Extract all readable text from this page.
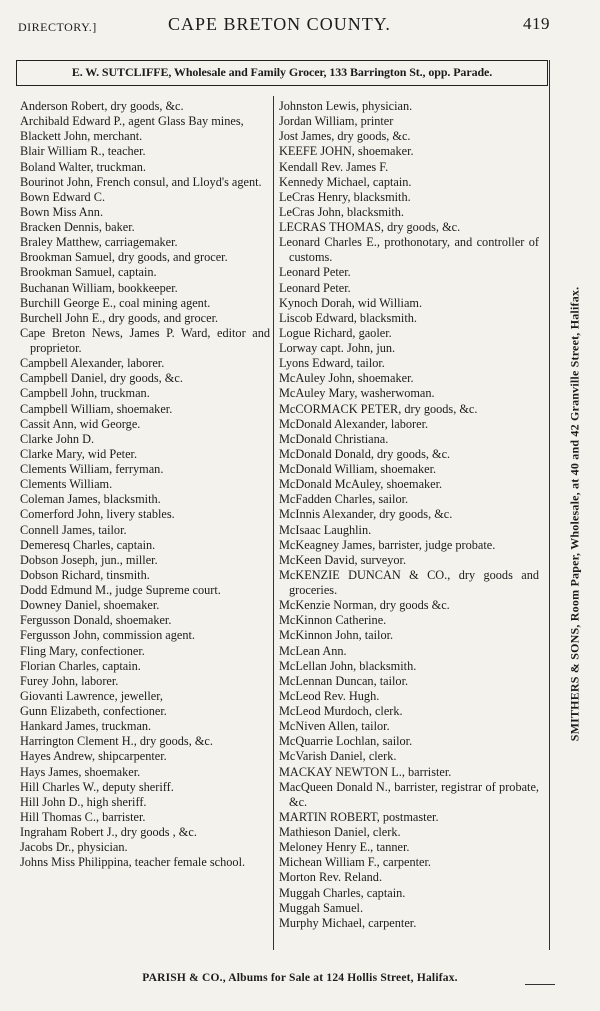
DIRECTORY.]	CAPE BRETON COUNTY.	419
E. W. SUTCLIFFE, Wholesale and Family Grocer, 133 Barrington St., opp. Parade.

Anderson Robert, dry goods, &c.

Archibald Edward P., agent Glass Bay mines,

Blackett John, merchant.

Blair William R., teacher.

Boland Walter, truckman.

Bourinot John, French consul, and Lloyd's agent.

Bown Edward C.

Bown Miss Ann.

Bracken Dennis, baker.

Braley Matthew, carriagemaker.

Brookman Samuel, dry goods, and grocer.

Brookman Samuel, captain.

Buchanan William, bookkeeper.

Burchill George E., coal mining agent.

Burchell John E., dry goods, and grocer.

Cape Breton News, James P. Ward, editor and proprietor.

Campbell Alexander, laborer.

Campbell Daniel, dry goods, &c.

Campbell John, truckman.

Campbell William, shoemaker.

Cassit Ann, wid George.

Clarke John D.

Clarke Mary, wid Peter.

Clements William, ferryman.

Clements William.

Coleman James, blacksmith.

Comerford John, livery stables.

Connell James, tailor.

Demeresq Charles, captain.

Dobson Joseph, jun., miller.

Dobson Richard, tinsmith.

Dodd Edmund M., judge Supreme court.

Downey Daniel, shoemaker.

Fergusson Donald, shoemaker.

Fergusson John, commission agent.

Fling Mary, confectioner.

Florian Charles, captain.

Furey John, laborer.

Giovanti Lawrence, jeweller,

Gunn Elizabeth, confectioner.

Hankard James, truckman.

Harrington Clement H., dry goods, &c.

Hayes Andrew, shipcarpenter.

Hays James, shoemaker.

Hill Charles W., deputy sheriff.

Hill John D., high sheriff.

Hill Thomas C., barrister.

Ingraham Robert J., dry goods , &c.

Jacobs Dr., physician.

Johns Miss Philippina, teacher female school.

Johnston Lewis, physician.

Jordan William, printer

Jost James, dry goods, &c.

KEEFE JOHN, shoemaker.

Kendall Rev. James F.

Kennedy Michael, captain.

LeCras Henry, blacksmith.

LeCras John, blacksmith.

LECRAS THOMAS, dry goods, &c.

Leonard Charles E., prothonotary, and controller of customs.

Leonard Peter.

Leonard Peter.

Kynoch Dorah, wid William.

Liscob Edward, blacksmith.

Logue Richard, gaoler.

Lorway capt. John, jun.

Lyons Edward, tailor.

McAuley John, shoemaker.

McAuley Mary, washerwoman.

McCORMACK PETER, dry goods, &c.

McDonald Alexander, laborer.

McDonald Christiana.

McDonald Donald, dry goods, &c.

McDonald William, shoemaker.

McDonald McAuley, shoemaker.

McFadden Charles, sailor.

McInnis Alexander, dry goods, &c.

McIsaac Laughlin.

McKeagney James, barrister, judge probate.

McKeen David, surveyor.

McKENZIE DUNCAN & CO., dry goods and groceries.

McKenzie Norman, dry goods &c.

McKinnon Catherine.

McKinnon John, tailor.

McLean Ann.

McLellan John, blacksmith.

McLennan Duncan, tailor.

McLeod Rev. Hugh.

McLeod Murdoch, clerk.

McNiven Allen, tailor.

McQuarrie Lochlan, sailor.

McVarish Daniel, clerk.

MACKAY NEWTON L., barrister.

MacQueen Donald N., barrister, registrar of probate, &c.

MARTIN ROBERT, postmaster.

Mathieson Daniel, clerk.

Meloney Henry E., tanner.

Michean William F., carpenter.

Morton Rev. Reland.

Muggah Charles, captain.

Muggah Samuel.

Murphy Michael, carpenter.

SMITHERS & SONS, Room Paper, Wholesale, at 40 and 42 Granville Street, Halifax.
PARISH & CO., Albums for Sale at 124 Hollis Street, Halifax.
